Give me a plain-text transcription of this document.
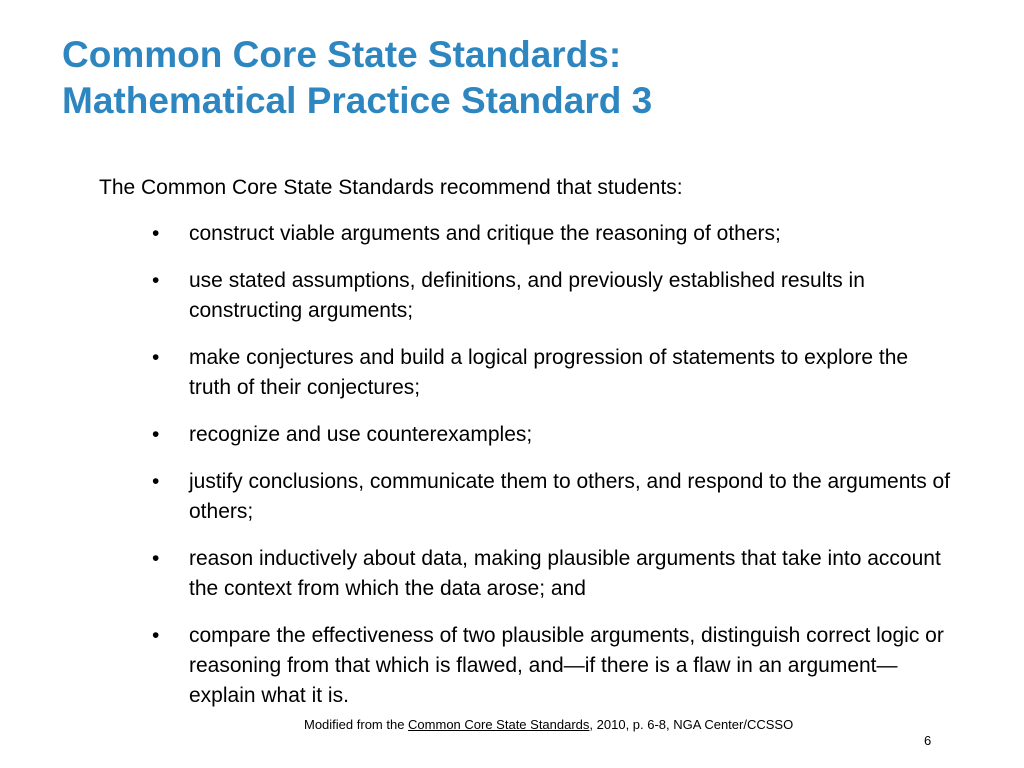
Common Core State Standards:
Mathematical Practice Standard 3

The Common Core State Standards recommend that students:

•	construct viable arguments and critique the reasoning of others;
•	use stated assumptions, definitions, and previously established results in constructing arguments;
•	make conjectures and build a logical progression of statements to explore the truth of their conjectures;
•	recognize and use counterexamples;
•	justify conclusions, communicate them to others, and respond to the arguments of others;
•	reason inductively about data, making plausible arguments that take into account the context from which the data arose; and
•	compare the effectiveness of two plausible arguments, distinguish correct logic or reasoning from that which is flawed, and—if there is a flaw in an argument—explain what it is.

Modified from the Common Core State Standards, 2010, p. 6-8, NGA Center/CCSSO

6
